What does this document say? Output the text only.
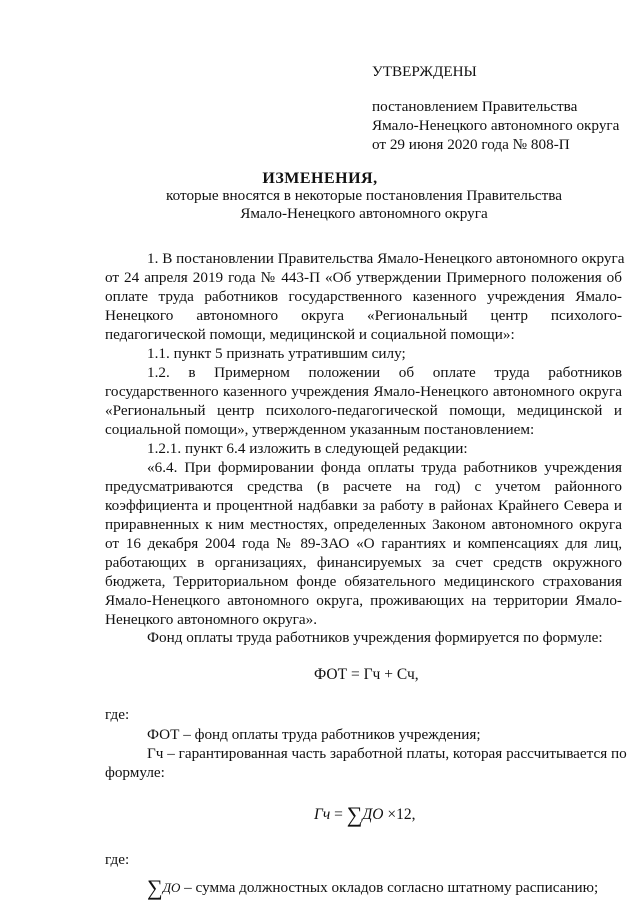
УТВЕРЖДЕНЫ
постановлением Правительства
Ямало-Ненецкого автономного округа
от 29 июня 2020 года № 808-П
ИЗМЕНЕНИЯ,
которые вносятся в некоторые постановления Правительства
Ямало-Ненецкого автономного округа
1. В постановлении Правительства Ямало-Ненецкого автономного округа
от 24 апреля 2019 года № 443-П «Об утверждении Примерного положения об
оплате труда работников государственного казенного учреждения Ямало-
Ненецкого автономного округа «Региональный центр психолого-
педагогической помощи, медицинской и социальной помощи»:
1.1. пункт 5 признать утратившим силу;
1.2. в Примерном положении об оплате труда работников
государственного казенного учреждения Ямало-Ненецкого автономного округа
«Региональный центр психолого-педагогической помощи, медицинской и
социальной помощи», утвержденном указанным постановлением:
1.2.1. пункт 6.4 изложить в следующей редакции:
«6.4. При формировании фонда оплаты труда работников учреждения
предусматриваются средства (в расчете на год) с учетом районного
коэффициента и процентной надбавки за работу в районах Крайнего Севера и
приравненных к ним местностях, определенных Законом автономного округа
от 16 декабря 2004 года № 89-ЗАО «О гарантиях и компенсациях для лиц,
работающих в организациях, финансируемых за счет средств окружного
бюджета, Территориальном фонде обязательного медицинского страхования
Ямало-Ненецкого автономного округа, проживающих на территории Ямало-
Ненецкого автономного округа».
Фонд оплаты труда работников учреждения формируется по формуле:
ФОТ = Гч + Сч,
где:
ФОТ – фонд оплаты труда работников учреждения;
Гч – гарантированная часть заработной платы, которая рассчитывается по
формуле:
Гч = ∑ДО ×12,
где:
∑ДО – сумма должностных окладов согласно штатному расписанию;
